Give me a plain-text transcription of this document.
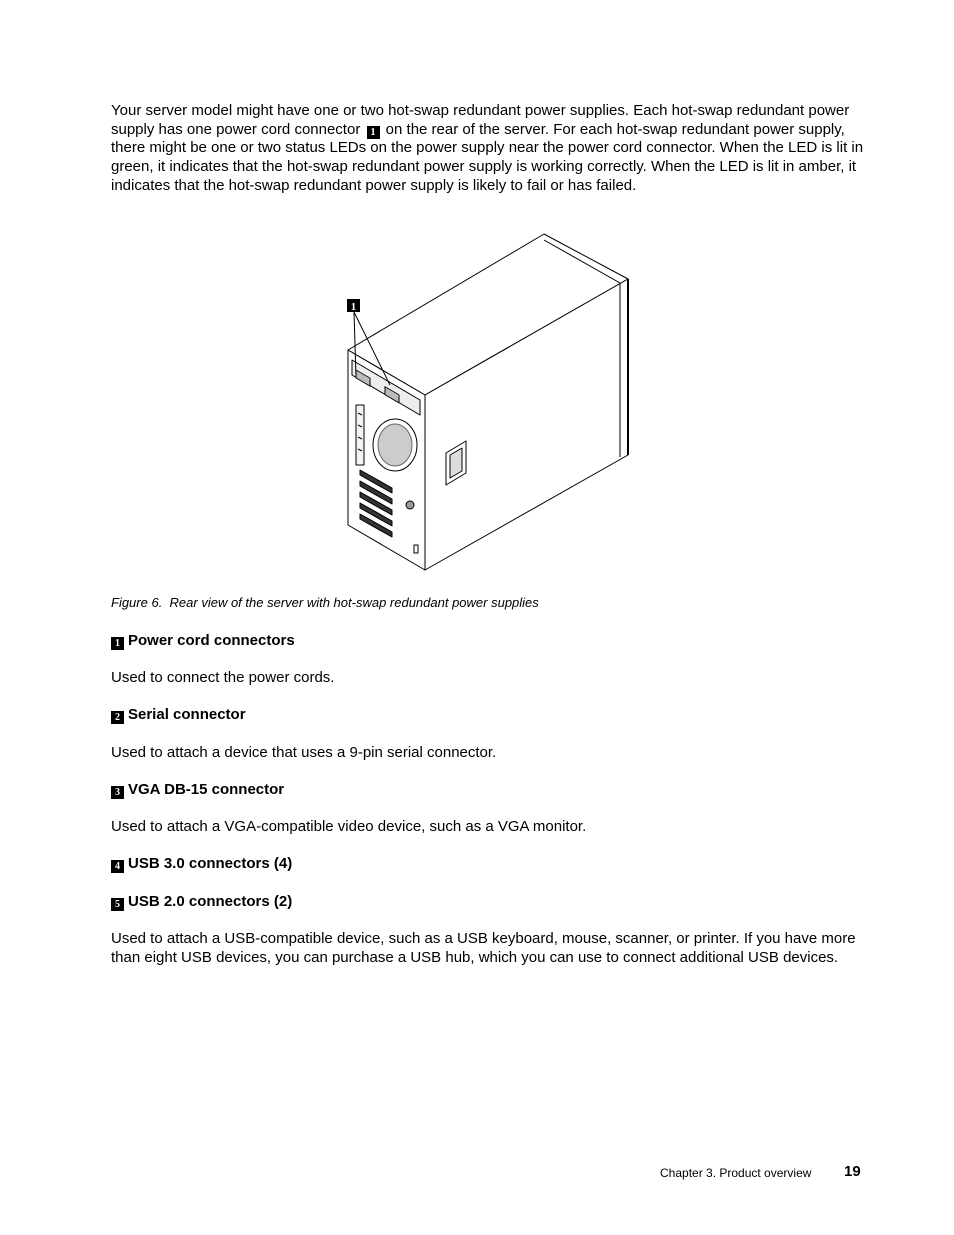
Your server model might have one or two hot-swap redundant power supplies. Each hot-swap redundant power supply has one power cord connector 1 on the rear of the server. For each hot-swap redundant power supply, there might be one or two status LEDs on the power supply near the power cord connector. When the LED is lit in green, it indicates that the hot-swap redundant power supply is working correctly. When the LED is lit in amber, it indicates that the hot-swap redundant power supply is likely to fail or has failed.

1

Figure 6. Rear view of the server with hot-swap redundant power supplies

1 Power cord connectors

Used to connect the power cords.

2 Serial connector

Used to attach a device that uses a 9-pin serial connector.

3 VGA DB-15 connector

Used to attach a VGA-compatible video device, such as a VGA monitor.

4 USB 3.0 connectors (4)

5 USB 2.0 connectors (2)

Used to attach a USB-compatible device, such as a USB keyboard, mouse, scanner, or printer. If you have more than eight USB devices, you can purchase a USB hub, which you can use to connect additional USB devices.

Chapter 3. Product overview 19
